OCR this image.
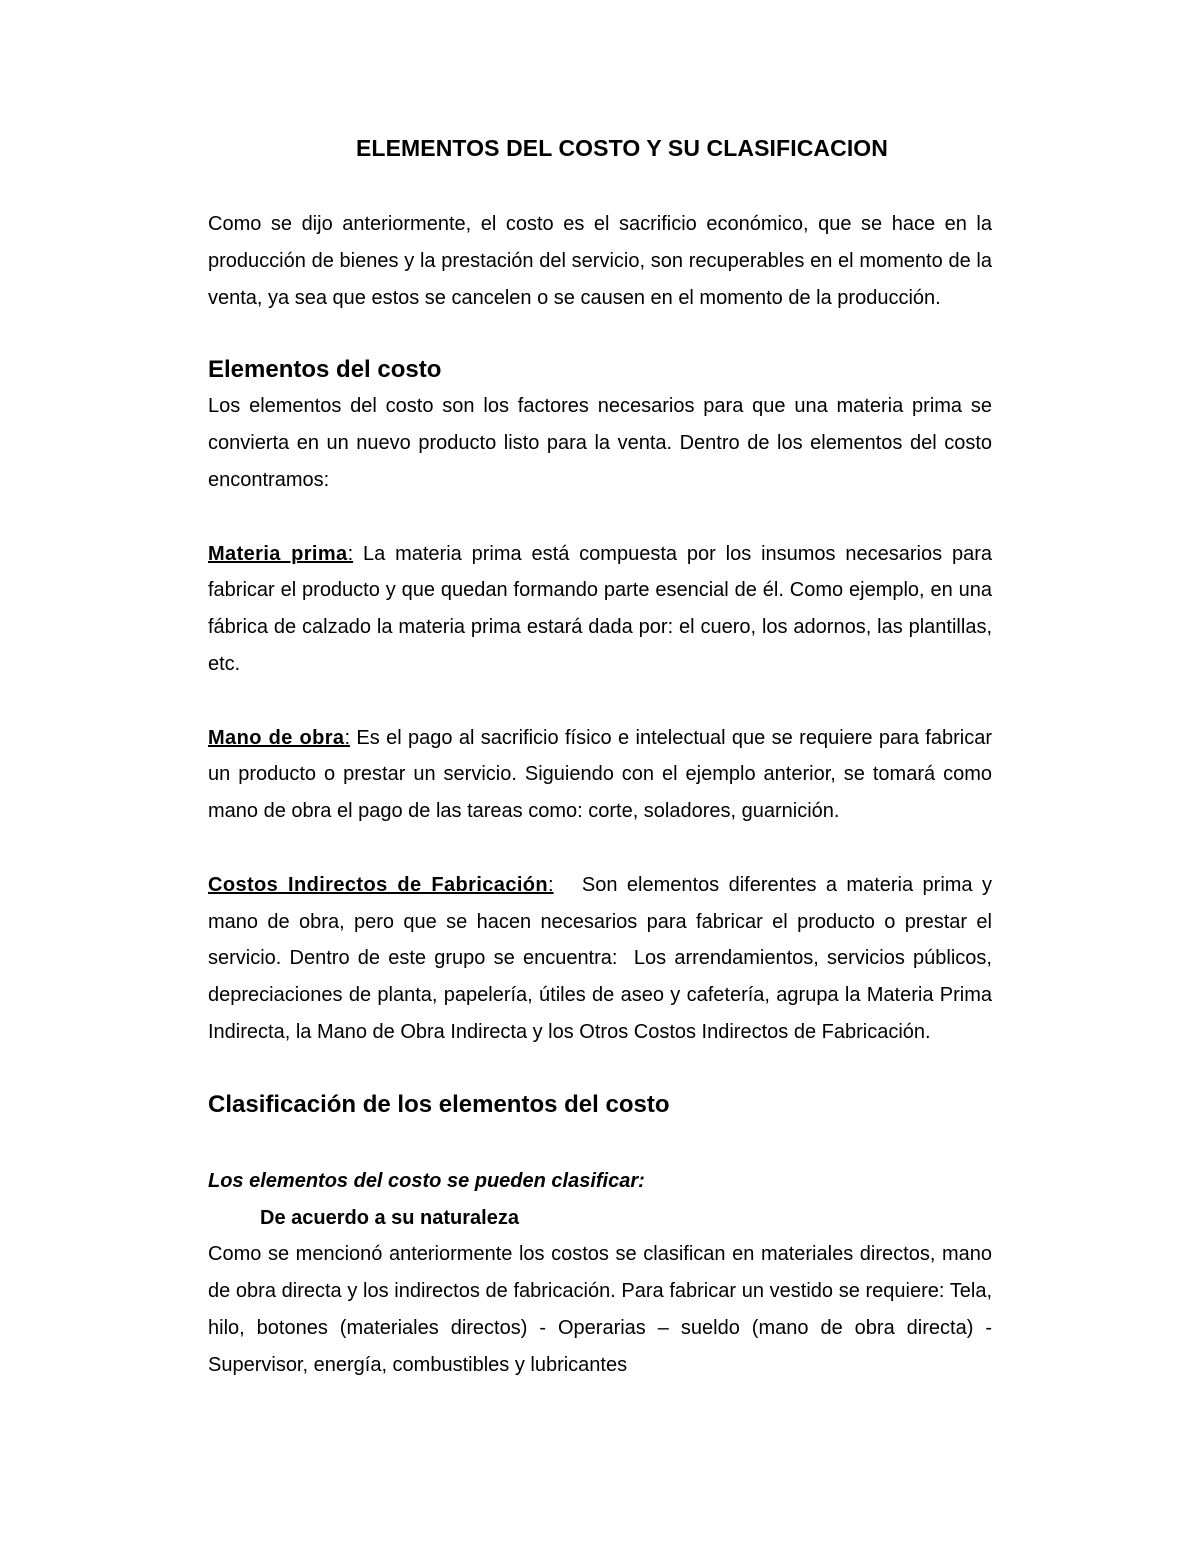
ELEMENTOS DEL COSTO Y SU CLASIFICACION

Como se dijo anteriormente, el costo es el sacrificio económico, que se hace en la producción de bienes y la prestación del servicio, son recuperables en el momento de la venta, ya sea que estos se cancelen o se causen en el momento de la producción.

Elementos del costo

Los elementos del costo son los factores necesarios para que una materia prima se convierta en un nuevo producto listo para la venta. Dentro de los elementos del costo encontramos:

Materia prima: La materia prima está compuesta por los insumos necesarios para fabricar el producto y que quedan formando parte esencial de él. Como ejemplo, en una fábrica de calzado la materia prima estará dada por: el cuero, los adornos, las plantillas, etc.

Mano de obra: Es el pago al sacrificio físico e intelectual que se requiere para fabricar un producto o prestar un servicio. Siguiendo con el ejemplo anterior, se tomará como mano de obra el pago de las tareas como: corte, soladores, guarnición.

Costos Indirectos de Fabricación:   Son elementos diferentes a materia prima y mano de obra, pero que se hacen necesarios para fabricar el producto o prestar el servicio. Dentro de este grupo se encuentra:  Los arrendamientos, servicios públicos, depreciaciones de planta, papelería, útiles de aseo y cafetería, agrupa la Materia Prima Indirecta, la Mano de Obra Indirecta y los Otros Costos Indirectos de Fabricación.

Clasificación de los elementos del costo

Los elementos del costo se pueden clasificar:

De acuerdo a su naturaleza

Como se mencionó anteriormente los costos se clasifican en materiales directos, mano de obra directa y los indirectos de fabricación. Para fabricar un vestido se requiere: Tela, hilo, botones (materiales directos) - Operarias – sueldo (mano de obra directa) - Supervisor, energía, combustibles y lubricantes
